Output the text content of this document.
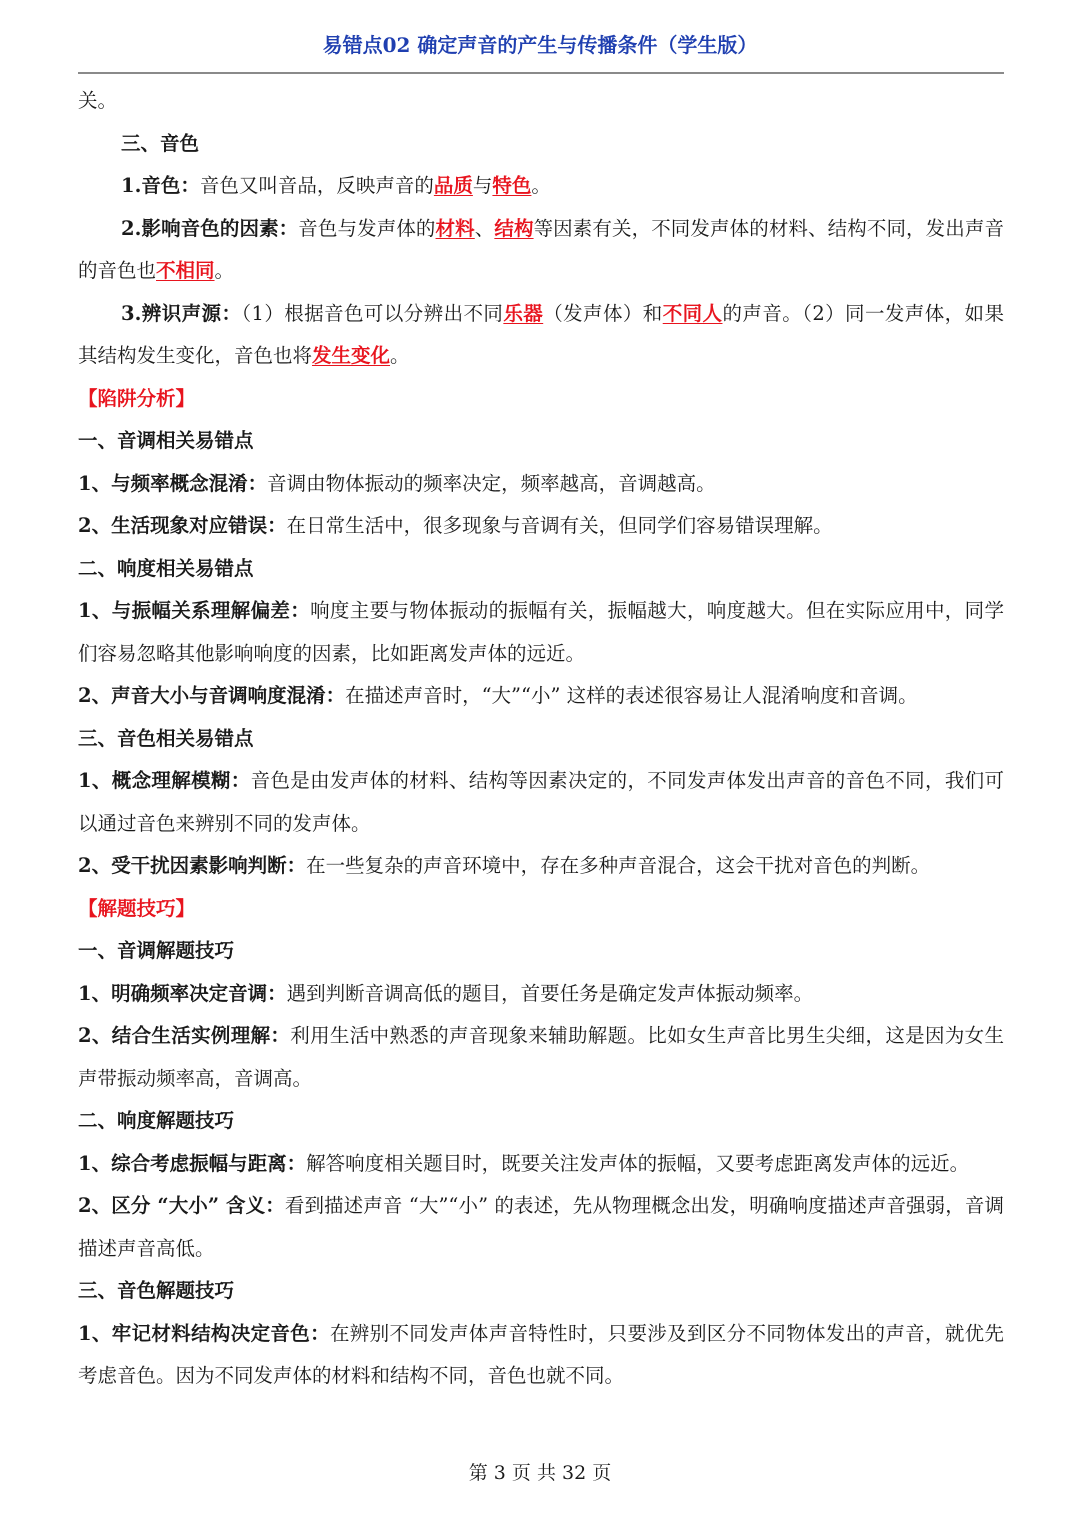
易错点02 确定声音的产生与传播条件（学生版）

关。

三、音色

1.音色：音色又叫音品，反映声音的品质与特色。

2.影响音色的因素：音色与发声体的材料、结构等因素有关，不同发声体的材料、结构不同，发出声音的音色也不相同。

3.辨识声源：（1）根据音色可以分辨出不同乐器（发声体）和不同人的声音。（2）同一发声体，如果其结构发生变化，音色也将发生变化。

【陷阱分析】

一、音调相关易错点

1、与频率概念混淆：音调由物体振动的频率决定，频率越高，音调越高。

2、生活现象对应错误：在日常生活中，很多现象与音调有关，但同学们容易错误理解。

二、响度相关易错点

1、与振幅关系理解偏差：响度主要与物体振动的振幅有关，振幅越大，响度越大。但在实际应用中，同学们容易忽略其他影响响度的因素，比如距离发声体的远近。

2、声音大小与音调响度混淆：在描述声音时，“大”“小” 这样的表述很容易让人混淆响度和音调。

三、音色相关易错点

1、概念理解模糊：音色是由发声体的材料、结构等因素决定的，不同发声体发出声音的音色不同，我们可以通过音色来辨别不同的发声体。

2、受干扰因素影响判断：在一些复杂的声音环境中，存在多种声音混合，这会干扰对音色的判断。

【解题技巧】

一、音调解题技巧

1、明确频率决定音调：遇到判断音调高低的题目，首要任务是确定发声体振动频率。

2、结合生活实例理解：利用生活中熟悉的声音现象来辅助解题。比如女生声音比男生尖细，这是因为女生声带振动频率高，音调高。

二、响度解题技巧

1、综合考虑振幅与距离：解答响度相关题目时，既要关注发声体的振幅，又要考虑距离发声体的远近。

2、区分 “大小” 含义：看到描述声音 “大”“小” 的表述，先从物理概念出发，明确响度描述声音强弱，音调描述声音高低。

三、音色解题技巧

1、牢记材料结构决定音色：在辨别不同发声体声音特性时，只要涉及到区分不同物体发出的声音，就优先考虑音色。因为不同发声体的材料和结构不同，音色也就不同。

第 3 页 共 32 页
